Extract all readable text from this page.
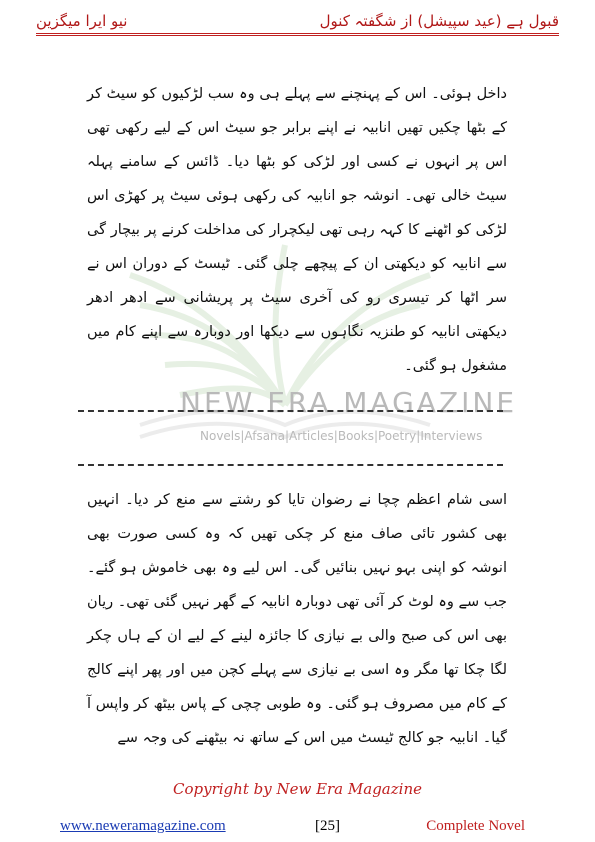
نیو ایرا میگزین	قبول ہے (عید سپیشل) از شگفتہ کنول
NEW ERA MAGAZINE
Novels|Afsana|Articles|Books|Poetry|Interviews
داخل ہوئی۔ اس کے پہنچنے سے پہلے ہی وہ سب لڑکیوں کو سیٹ کر کے بٹھا چکیں تھیں انابیہ نے اپنے برابر جو سیٹ اس کے لیے رکھی تھی اس پر انہوں نے کسی اور لڑکی کو بٹھا دیا۔ ڈائس کے سامنے پہلہ سیٹ خالی تھی۔ انوشہ جو انابیہ کی رکھی ہوئی سیٹ پر کھڑی اس لڑکی کو اٹھنے کا کہہ رہی تھی لیکچرار کی مداخلت کرنے پر بیچار گی سے انابیہ کو دیکھتی ان کے پیچھے چلی گئی۔ ٹیسٹ کے دوران اس نے سر اٹھا کر تیسری رو کی آخری سیٹ پر پریشانی سے ادھر ادھر دیکھتی انابیہ کو طنزیہ نگاہوں سے دیکھا اور دوبارہ سے اپنے کام میں مشغول ہو گئی۔
اسی شام اعظم چچا نے رضوان تایا کو رشتے سے منع کر دیا۔ انہیں بھی کشور تائی صاف منع کر چکی تھیں کہ وہ کسی صورت بھی انوشہ کو اپنی بہو نہیں بنائیں گی۔ اس لیے وہ بھی خاموش ہو گئے۔ جب سے وہ لوٹ کر آئی تھی دوبارہ انابیہ کے گھر نہیں گئی تھی۔ ریان بھی اس کی صبح والی بے نیازی کا جائزہ لینے کے لیے ان کے ہاں چکر لگا چکا تھا مگر وہ اسی بے نیازی سے پہلے کچن میں اور پھر اپنے کالج کے کام میں مصروف ہو گئی۔ وہ طوبی چچی کے پاس بیٹھ کر واپس آ گیا۔ انابیہ جو کالج ٹیسٹ میں اس کے ساتھ نہ بیٹھنے کی وجہ سے
Copyright by New Era Magazine
www.neweramagazine.com	[25]	Complete Novel
